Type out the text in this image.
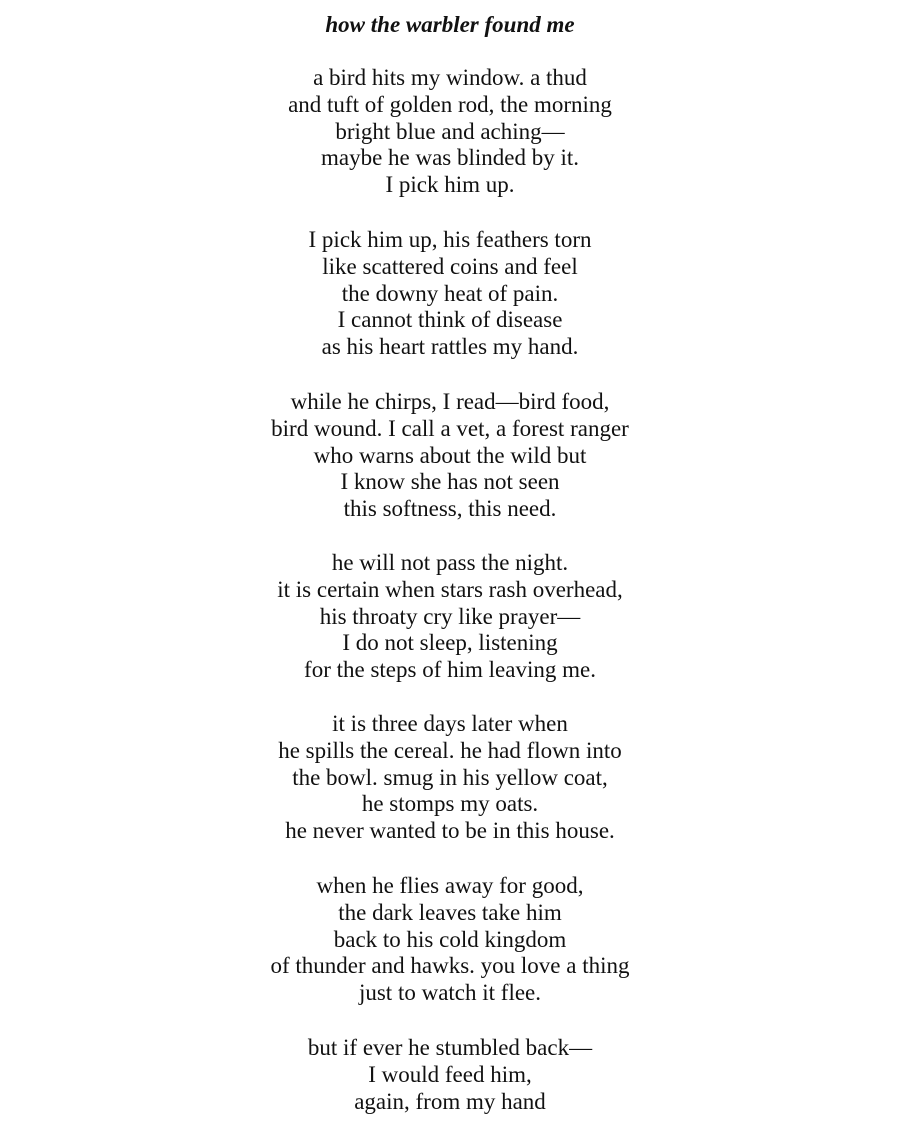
how the warbler found me
a bird hits my window. a thud
and tuft of golden rod, the morning
bright blue and aching—
maybe he was blinded by it.
I pick him up.
I pick him up, his feathers torn
like scattered coins and feel
the downy heat of pain.
I cannot think of disease
as his heart rattles my hand.
while he chirps, I read—bird food,
bird wound. I call a vet, a forest ranger
who warns about the wild but
I know she has not seen
this softness, this need.
he will not pass the night.
it is certain when stars rash overhead,
his throaty cry like prayer—
I do not sleep, listening
for the steps of him leaving me.
it is three days later when
he spills the cereal. he had flown into
the bowl. smug in his yellow coat,
he stomps my oats.
he never wanted to be in this house.
when he flies away for good,
the dark leaves take him
back to his cold kingdom
of thunder and hawks. you love a thing
just to watch it flee.
but if ever he stumbled back—
I would feed him,
again, from my hand
